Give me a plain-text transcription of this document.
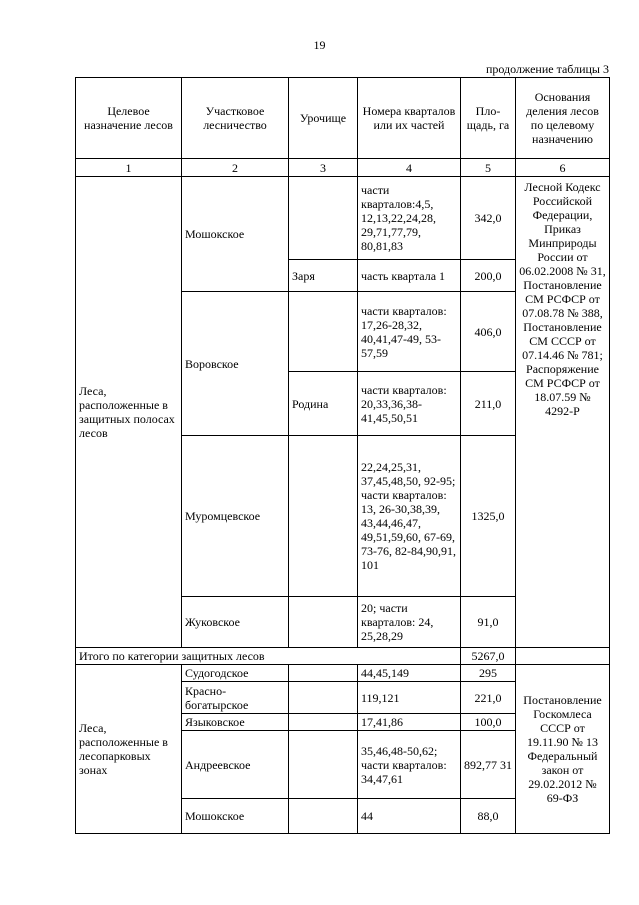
19
продолжение таблицы 3
Целевое назначение лесов	Участковое лесничество	Урочище	Номера кварталов или их частей	Пло-щадь, га	Основания деления лесов по целевому назначению
1	2	3	4	5	6
Леса, расположенные в защитных полосах лесов	Мошокское		части кварталов:4,5, 12,13,22,24,28, 29,71,77,79, 80,81,83	342,0	Лесной Кодекс Российской Федерации, Приказ Минприроды России от 06.02.2008 № 31, Постановление СМ РСФСР от 07.08.78 № 388, Постановление СМ СССР от 07.14.46 № 781; Распоряжение СМ РСФСР от 18.07.59 № 4292-Р
		Заря	часть квартала 1	200,0	
	Воровское		части кварталов: 17,26-28,32, 40,41,47-49, 53-57,59	406,0	
		Родина	части кварталов: 20,33,36,38- 41,45,50,51	211,0	
	Муромцевское		22,24,25,31, 37,45,48,50, 92-95; части кварталов: 13, 26-30,38,39, 43,44,46,47, 49,51,59,60, 67-69, 73-76, 82-84,90,91, 101	1325,0	
	Жуковское		20; части кварталов: 24, 25,28,29	91,0	
Итого по категории защитных лесов				5267,0	
Леса, расположенные в лесопарковых зонах	Судогодское		44,45,149	295	Постановление Госкомлеса СССР от 19.11.90 № 13 Федеральный закон от 29.02.2012 № 69-ФЗ
	Красно-богатырское		119,121	221,0	
	Языковское		17,41,86	100,0	
	Андреевское		35,46,48-50,62; части кварталов: 34,47,61	892,77 31	
	Мошокское		44	88,0	
